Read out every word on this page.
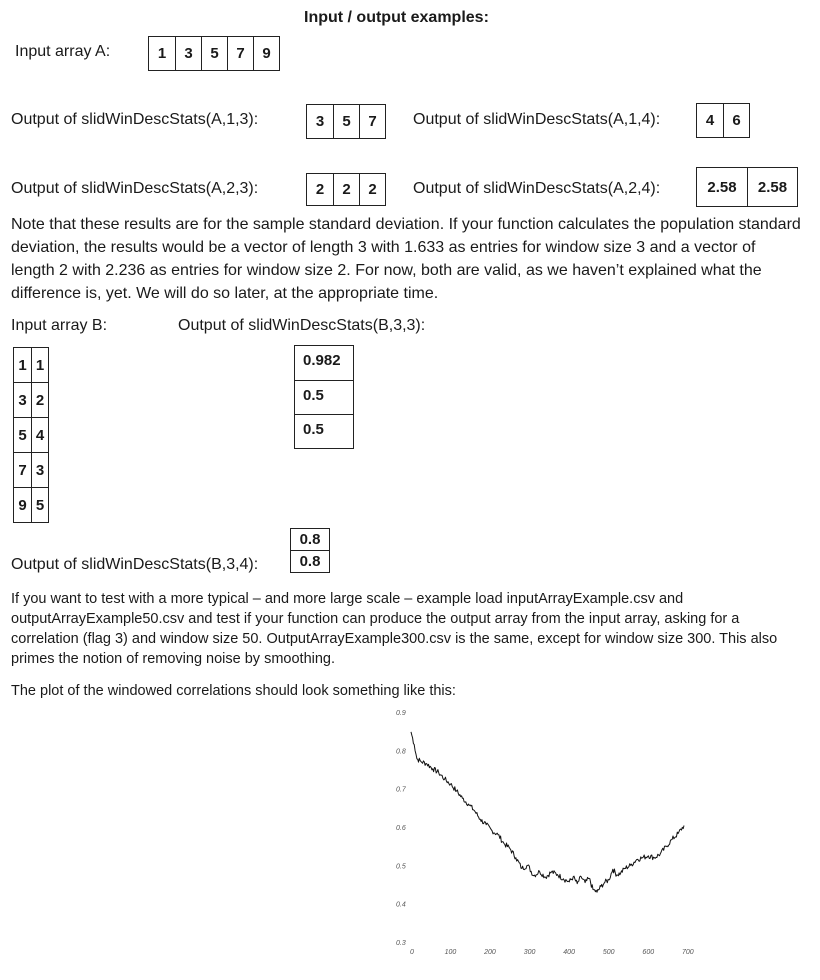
Input / output examples:
Input array A:	1	3	5	7	9
Output of slidWinDescStats(A,1,3):	3	5	7	Output of slidWinDescStats(A,1,4):	4	6
Output of slidWinDescStats(A,2,3):	2	2	2	Output of slidWinDescStats(A,2,4):	2.58	2.58
Note that these results are for the sample standard deviation. If your function calculates the population standard deviation, the results would be a vector of length 3 with 1.633 as entries for window size 3 and a vector of length 2 with 2.236 as entries for window size 2. For now, both are valid, as we haven’t explained what the difference is, yet. We will do so later, at the appropriate time.
Input array B:	Output of slidWinDescStats(B,3,3):
1 1
3 2
5 4
7 3
9 5
0.982
0.5
0.5
0.8
0.8
Output of slidWinDescStats(B,3,4):
If you want to test with a more typical – and more large scale – example load inputArrayExample.csv and outputArrayExample50.csv and test if your function can produce the output array from the input array, asking for a correlation (flag 3) and window size 50. OutputArrayExample300.csv is the same, except for window size 300. This also primes the notion of removing noise by smoothing.
The plot of the windowed correlations should look something like this:
0.9
0.8
0.7
0.6
0.5
0.4
0.3
0	100	200	300	400	500	600	700
